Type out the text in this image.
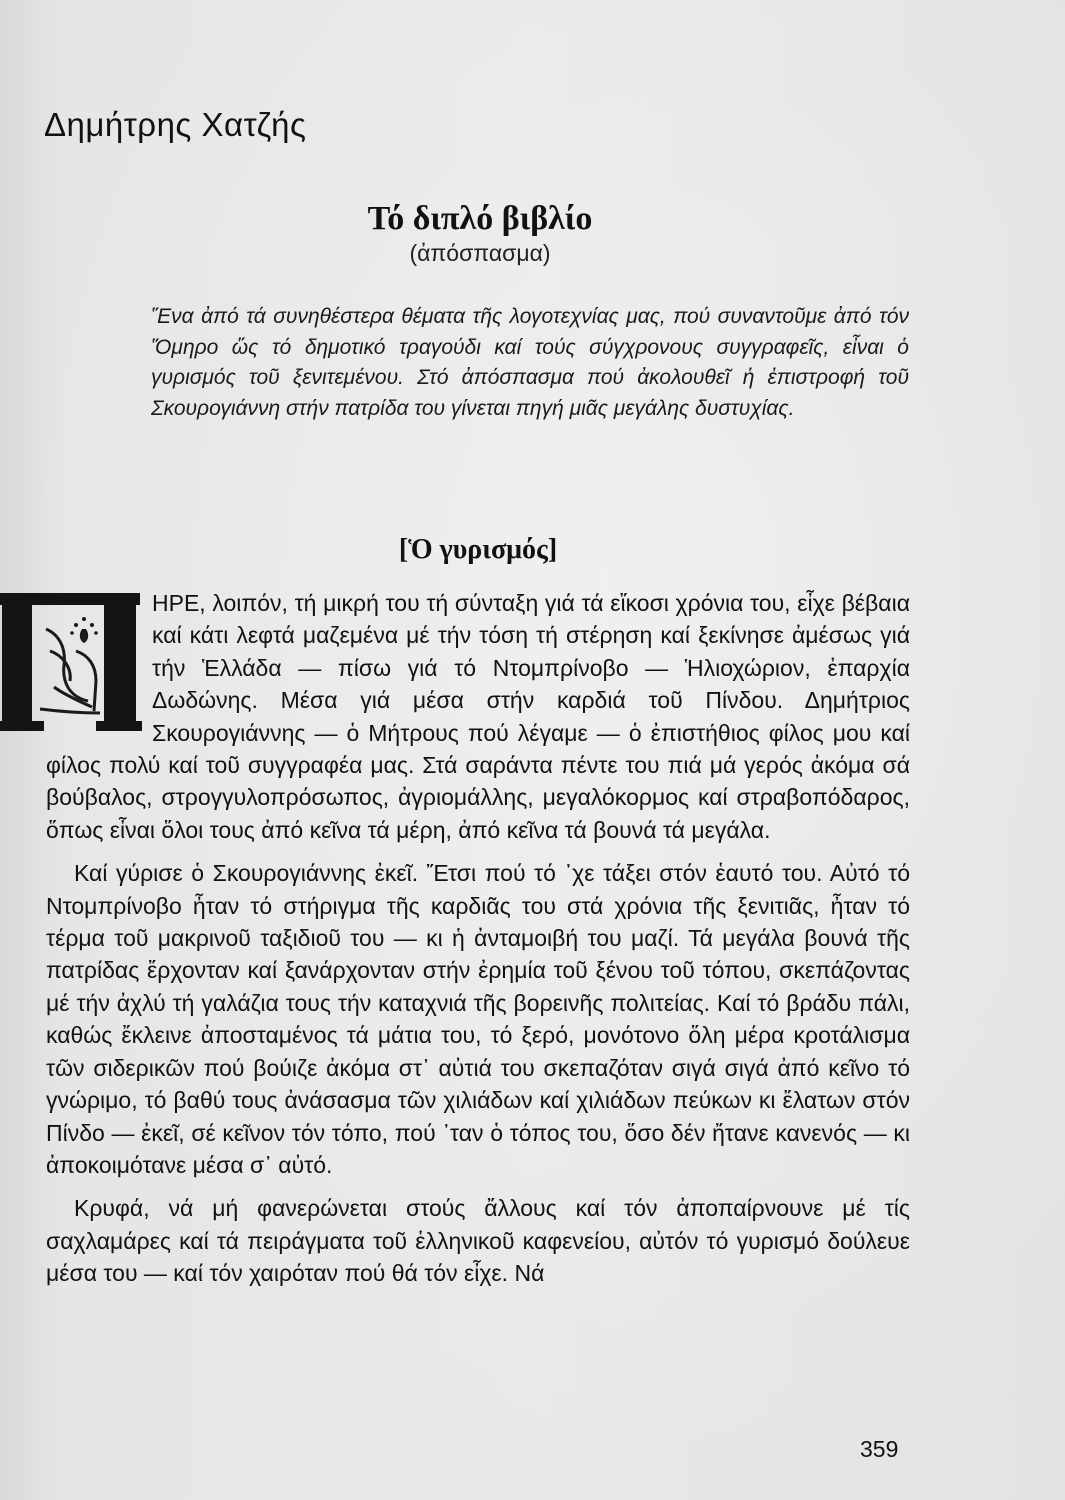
Δημήτρης Χατζής
Τό διπλό βιβλίο
(ἀπόσπασμα)

Ἕνα ἀπό τά συνηθέστερα θέματα τῆς λογοτεχνίας μας, πού συναντοῦμε ἀπό τόν Ὅμηρο ὥς τό δημοτικό τραγούδι καί τούς σύγχρονους συγγραφεῖς, εἶναι ὁ γυρισμός τοῦ ξενιτεμένου. Στό ἀπόσπασμα πού ἀκολουθεῖ ἡ ἐπιστροφή τοῦ Σκουρογιάννη στήν πατρίδα του γίνεται πηγή μιᾶς μεγάλης δυστυχίας.

[Ὁ γυρισμός]

ΗΡΕ, λοιπόν, τή μικρή του τή σύνταξη γιά τά εἴκοσι χρόνια του, εἶχε βέβαια καί κάτι λεφτά μαζεμένα μέ τήν τόση τή στέρηση καί ξεκίνησε ἀμέσως γιά τήν Ἑλλάδα — πίσω γιά τό Ντομπρίνοβο — Ἡλιοχώριον, ἐπαρχία Δωδώνης. Μέσα γιά μέσα στήν καρδιά τοῦ Πίνδου. Δημήτριος Σκουρογιάννης — ὁ Μήτρους πού λέγαμε — ὁ ἐπιστήθιος φίλος μου καί φίλος πολύ καί τοῦ συγγραφέα μας. Στά σαράντα πέντε του πιά μά γερός ἀκόμα σά βούβαλος, στρογγυλοπρόσωπος, ἀγριομάλλης, μεγαλόκορμος καί στραβοπόδαρος, ὅπως εἶναι ὅλοι τους ἀπό κεῖνα τά μέρη, ἀπό κεῖνα τά βουνά τά μεγάλα.

Καί γύρισε ὁ Σκουρογιάννης ἐκεῖ. Ἔτσι πού τό ᾽χε τάξει στόν ἑαυτό του. Αὐτό τό Ντομπρίνοβο ἦταν τό στήριγμα τῆς καρδιᾶς του στά χρόνια τῆς ξενιτιᾶς, ἦταν τό τέρμα τοῦ μακρινοῦ ταξιδιοῦ του — κι ἡ ἀνταμοιβή του μαζί. Τά μεγάλα βουνά τῆς πατρίδας ἔρχονταν καί ξανάρχονταν στήν ἐρημία τοῦ ξένου τοῦ τόπου, σκεπάζοντας μέ τήν ἀχλύ τή γαλάζια τους τήν καταχνιά τῆς βορεινῆς πολιτείας. Καί τό βράδυ πάλι, καθώς ἔκλεινε ἀποσταμένος τά μάτια του, τό ξερό, μονότονο ὅλη μέρα κροτάλισμα τῶν σιδερικῶν πού βούιζε ἀκόμα στ᾽ αὐτιά του σκεπαζόταν σιγά σιγά ἀπό κεῖνο τό γνώριμο, τό βαθύ τους ἀνάσασμα τῶν χιλιάδων καί χιλιάδων πεύκων κι ἔλατων στόν Πίνδο — ἐκεῖ, σέ κεῖνον τόν τόπο, πού ᾽ταν ὁ τόπος του, ὅσο δέν ἤτανε κανενός — κι ἀποκοιμότανε μέσα σ᾽ αὐτό.

Κρυφά, νά μή φανερώνεται στούς ἄλλους καί τόν ἀποπαίρνουνε μέ τίς σαχλαμάρες καί τά πειράγματα τοῦ ἑλληνικοῦ καφενείου, αὐτόν τό γυρισμό δούλευε μέσα του — καί τόν χαιρόταν πού θά τόν εἶχε. Νά

359
